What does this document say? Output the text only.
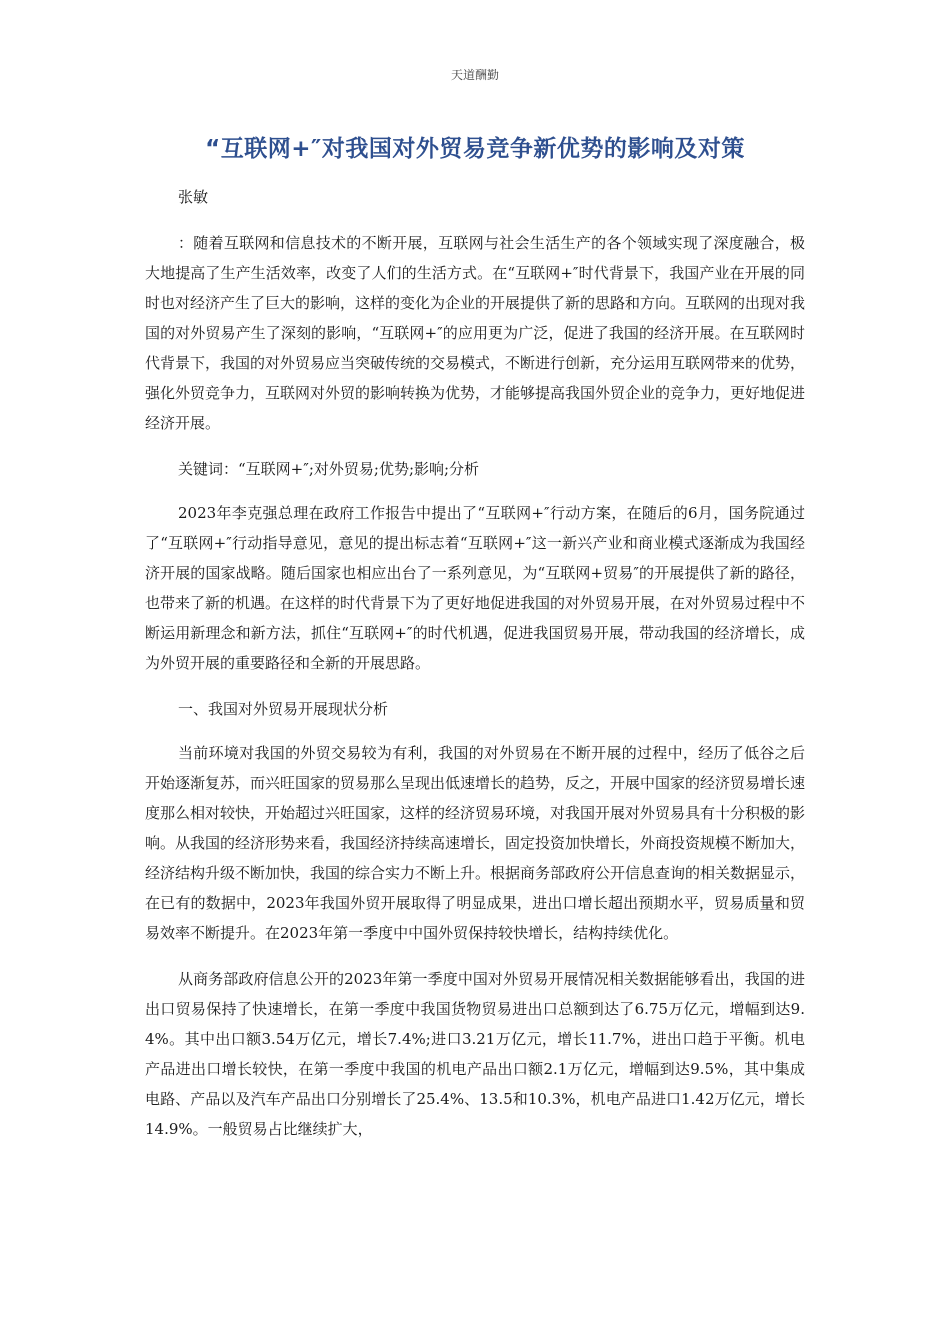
天道酬勤
“互联网+″对我国对外贸易竞争新优势的影响及对策
张敏

：随着互联网和信息技术的不断开展，互联网与社会生活生产的各个领域实现了深度融合，极大地提高了生产生活效率，改变了人们的生活方式。在“互联网+″时代背景下，我国产业在开展的同时也对经济产生了巨大的影响，这样的变化为企业的开展提供了新的思路和方向。互联网的出现对我国的对外贸易产生了深刻的影响，“互联网+″的应用更为广泛，促进了我国的经济开展。在互联网时代背景下，我国的对外贸易应当突破传统的交易模式，不断进行创新，充分运用互联网带来的优势，强化外贸竞争力，互联网对外贸的影响转换为优势，才能够提高我国外贸企业的竞争力，更好地促进经济开展。

关键词：“互联网+″;对外贸易;优势;影响;分析

2023年李克强总理在政府工作报告中提出了“互联网+″行动方案，在随后的6月，国务院通过了“互联网+″行动指导意见，意见的提出标志着“互联网+″这一新兴产业和商业模式逐渐成为我国经济开展的国家战略。随后国家也相应出台了一系列意见，为“互联网+贸易″的开展提供了新的路径，也带来了新的机遇。在这样的时代背景下为了更好地促进我国的对外贸易开展，在对外贸易过程中不断运用新理念和新方法，抓住“互联网+″的时代机遇，促进我国贸易开展，带动我国的经济增长，成为外贸开展的重要路径和全新的开展思路。

一、我国对外贸易开展现状分析

当前环境对我国的外贸交易较为有利，我国的对外贸易在不断开展的过程中，经历了低谷之后开始逐渐复苏，而兴旺国家的贸易那么呈现出低速增长的趋势，反之，开展中国家的经济贸易增长速度那么相对较快，开始超过兴旺国家，这样的经济贸易环境，对我国开展对外贸易具有十分积极的影响。从我国的经济形势来看，我国经济持续高速增长，固定投资加快增长，外商投资规模不断加大，经济结构升级不断加快，我国的综合实力不断上升。根据商务部政府公开信息查询的相关数据显示，在已有的数据中，2023年我国外贸开展取得了明显成果，进出口增长超出预期水平，贸易质量和贸易效率不断提升。在2023年第一季度中中国外贸保持较快增长，结构持续优化。

从商务部政府信息公开的2023年第一季度中国对外贸易开展情况相关数据能够看出，我国的进出口贸易保持了快速增长，在第一季度中我国货物贸易进出口总额到达了6.75万亿元，增幅到达9.4%。其中出口额3.54万亿元，增长7.4%;进口3.21万亿元，增长11.7%，进出口趋于平衡。机电产品进出口增长较快，在第一季度中我国的机电产品出口额2.1万亿元，增幅到达9.5%，其中集成电路、产品以及汽车产品出口分别增长了25.4%、13.5和10.3%，机电产品进口1.42万亿元，增长14.9%。一般贸易占比继续扩大，
